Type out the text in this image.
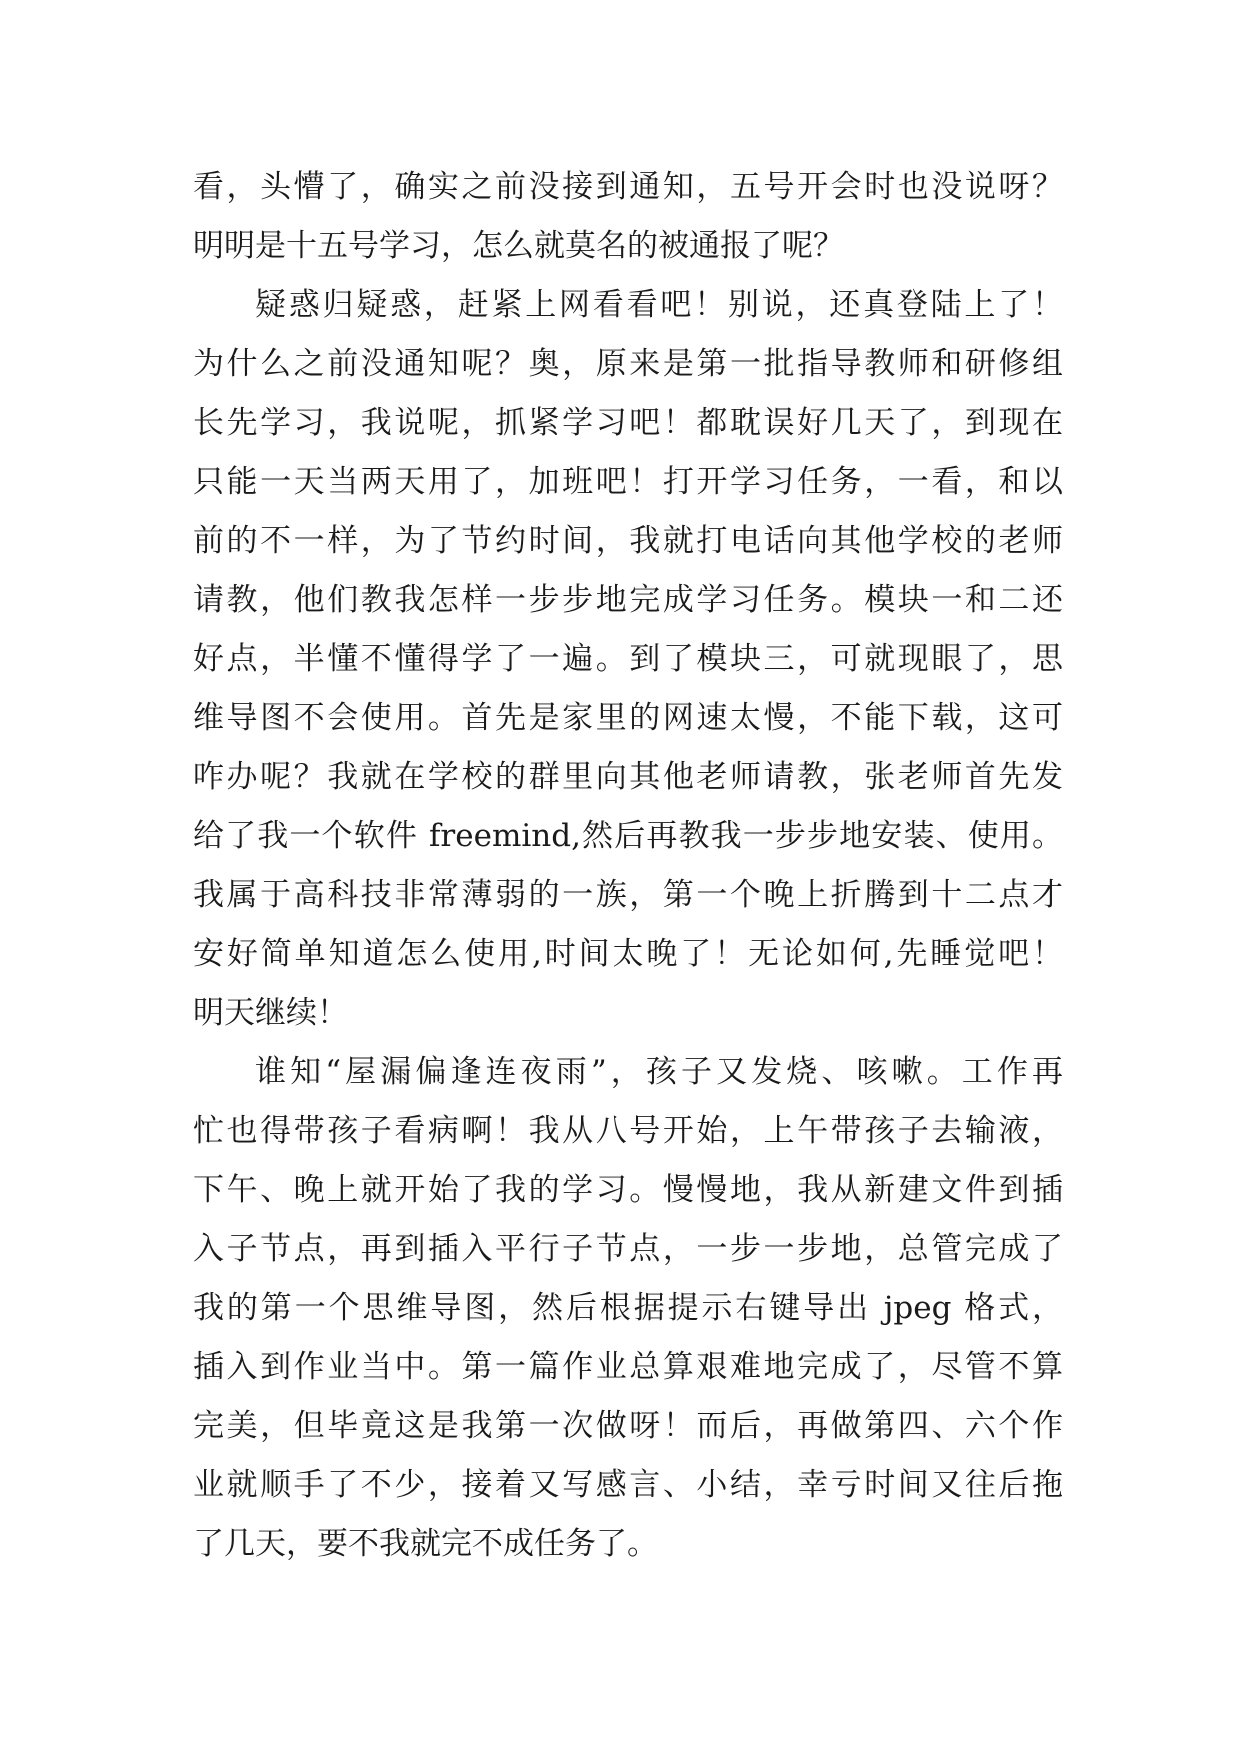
看，头懵了，确实之前没接到通知，五号开会时也没说呀？
明明是十五号学习，怎么就莫名的被通报了呢？
疑惑归疑惑，赶紧上网看看吧！别说，还真登陆上了！
为什么之前没通知呢？奥，原来是第一批指导教师和研修组
长先学习，我说呢，抓紧学习吧！都耽误好几天了，到现在
只能一天当两天用了，加班吧！打开学习任务，一看，和以
前的不一样，为了节约时间，我就打电话向其他学校的老师
请教，他们教我怎样一步步地完成学习任务。模块一和二还
好点，半懂不懂得学了一遍。到了模块三，可就现眼了，思
维导图不会使用。首先是家里的网速太慢，不能下载，这可
咋办呢？我就在学校的群里向其他老师请教，张老师首先发
给了我一个软件 freemind,然后再教我一步步地安装、使用。
我属于高科技非常薄弱的一族，第一个晚上折腾到十二点才
安好简单知道怎么使用,时间太晚了！无论如何,先睡觉吧！
明天继续！
谁知“屋漏偏逢连夜雨”，孩子又发烧、咳嗽。工作再
忙也得带孩子看病啊！我从八号开始，上午带孩子去输液，
下午、晚上就开始了我的学习。慢慢地，我从新建文件到插
入子节点，再到插入平行子节点，一步一步地，总管完成了
我的第一个思维导图，然后根据提示右键导出 jpeg 格式，
插入到作业当中。第一篇作业总算艰难地完成了，尽管不算
完美，但毕竟这是我第一次做呀！而后，再做第四、六个作
业就顺手了不少，接着又写感言、小结，幸亏时间又往后拖
了几天，要不我就完不成任务了。
